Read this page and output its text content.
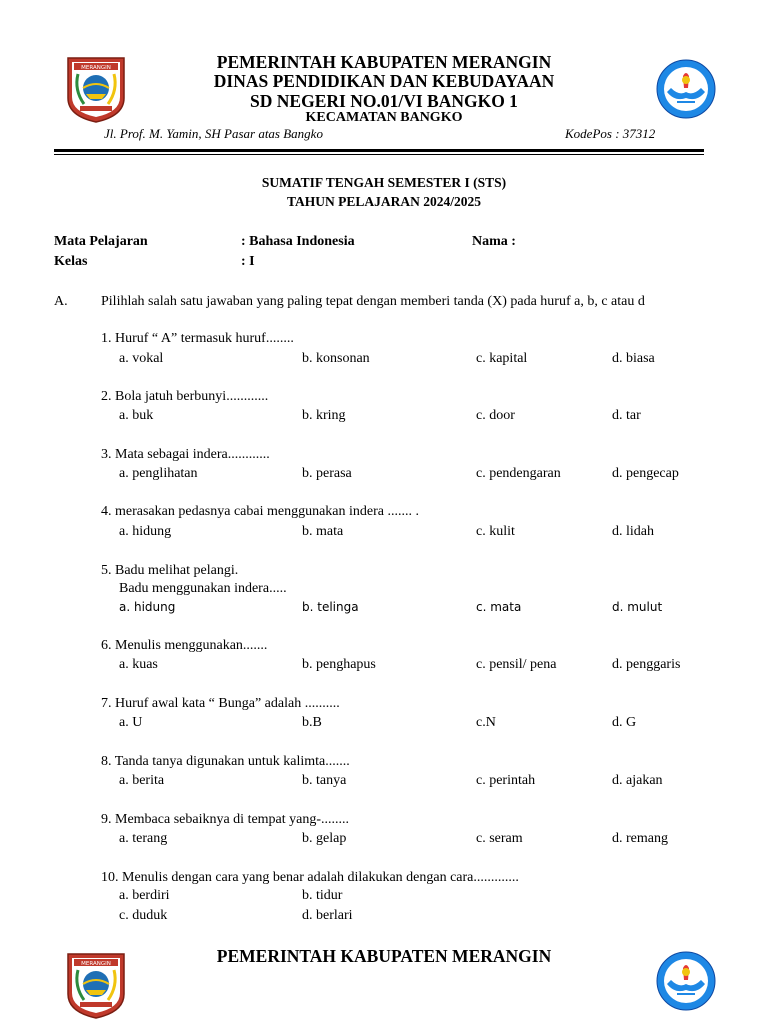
MERANGIN	PEMERINTAH KABUPATEN MERANGIN
DINAS PENDIDIKAN DAN KEBUDAYAAN
SD NEGERI NO.01/VI BANGKO 1
KECAMATAN BANGKO
Jl. Prof. M. Yamin, SH Pasar atas Bangko	KodePos : 37312
SUMATIF TENGAH SEMESTER I (STS)
TAHUN PELAJARAN 2024/2025
Mata Pelajaran	: Bahasa Indonesia	Nama :
Kelas	: I
A. Pilihlah salah satu jawaban yang paling tepat dengan memberi tanda (X) pada huruf a, b, c atau d
1. Huruf “ A” termasuk huruf........
a. vokal	b. konsonan	c. kapital	d. biasa
2. Bola jatuh berbunyi............
a. buk	b. kring	c. door	d. tar
3. Mata sebagai indera............
a. penglihatan	b. perasa	c. pendengaran	d. pengecap
4. merasakan pedasnya cabai menggunakan indera ....... .
a. hidung	b. mata	c. kulit	d. lidah
5. Badu melihat pelangi.
Badu menggunakan indera.....
a. hidung	b. telinga	c. mata	d. mulut
6. Menulis menggunakan.......
a. kuas	b. penghapus	c. pensil/ pena	d. penggaris
7. Huruf awal kata “ Bunga” adalah ..........
a. U	b.B	c.N	d. G
8. Tanda tanya digunakan untuk kalimta.......
a. berita	b. tanya	c. perintah	d. ajakan
9. Membaca sebaiknya di tempat yang-........
a. terang	b. gelap	c. seram	d. remang
10. Menulis dengan cara yang benar adalah dilakukan dengan cara.............
a. berdiri	b. tidur
c. duduk	d. berlari
MERANGIN	PEMERINTAH KABUPATEN MERANGIN
